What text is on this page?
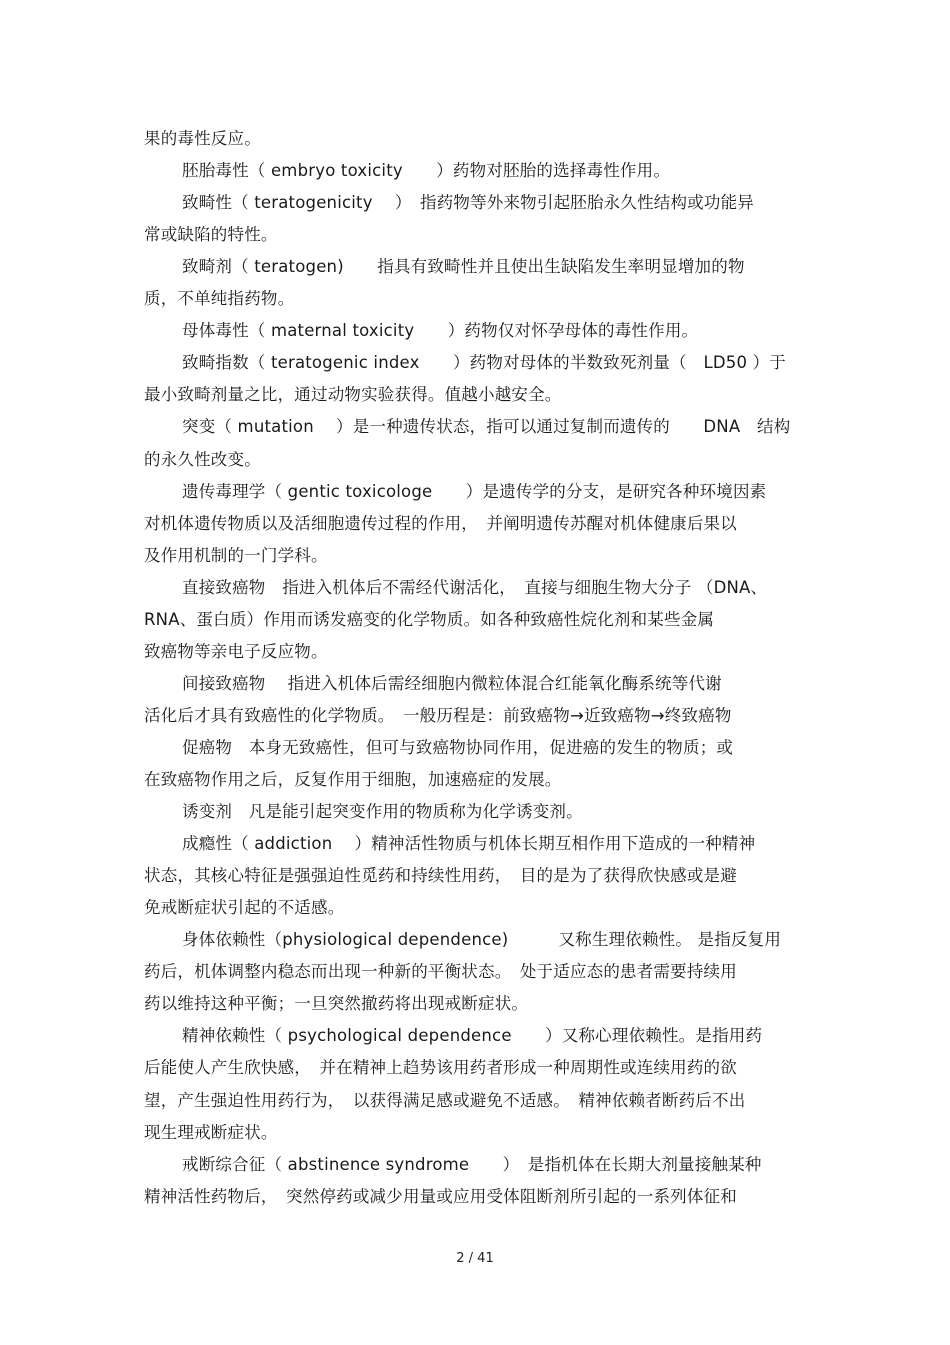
果的毒性反应。
胚胎毒性（ embryo toxicity　　）药物对胚胎的选择毒性作用。
致畸性（ teratogenicity　 ）　指药物等外来物引起胚胎永久性结构或功能异
常或缺陷的特性。
致畸剂（ teratogen)　　指具有致畸性并且使出生缺陷发生率明显增加的物
质，不单纯指药物。
母体毒性（ maternal toxicity　　）药物仅对怀孕母体的毒性作用。
致畸指数（ teratogenic index　　）药物对母体的半数致死剂量（　LD50 ）于
最小致畸剂量之比，通过动物实验获得。值越小越安全。
突变（ mutation　 ）是一种遗传状态，指可以通过复制而遗传的　　DNA　结构
的永久性改变。
遗传毒理学（ gentic toxicologe　　）是遗传学的分支，是研究各种环境因素
对机体遗传物质以及活细胞遗传过程的作用，　并阐明遗传苏醒对机体健康后果以
及作用机制的一门学科。
直接致癌物　指进入机体后不需经代谢活化，　直接与细胞生物大分子 （DNA、
RNA、蛋白质）作用而诱发癌变的化学物质。如各种致癌性烷化剂和某些金属
致癌物等亲电子反应物。
间接致癌物　 指进入机体后需经细胞内微粒体混合红能氧化酶系统等代谢
活化后才具有致癌性的化学物质。　一般历程是：前致癌物→近致癌物→终致癌物
促癌物　本身无致癌性，但可与致癌物协同作用，促进癌的发生的物质；或
在致癌物作用之后，反复作用于细胞，加速癌症的发展。
诱变剂　凡是能引起突变作用的物质称为化学诱变剂。
成瘾性（ addiction　 ）精神活性物质与机体长期互相作用下造成的一种精神
状态，其核心特征是强强迫性觅药和持续性用药，　目的是为了获得欣快感或是避
免戒断症状引起的不适感。
身体依赖性（physiological dependence)　　　又称生理依赖性。 是指反复用
药后，机体调整内稳态而出现一种新的平衡状态。　处于适应态的患者需要持续用
药以维持这种平衡；一旦突然撤药将出现戒断症状。
精神依赖性（ psychological dependence　　）又称心理依赖性。是指用药
后能使人产生欣快感，　并在精神上趋势该用药者形成一种周期性或连续用药的欲
望，产生强迫性用药行为，　以获得满足感或避免不适感。　精神依赖者断药后不出
现生理戒断症状。
戒断综合征（ abstinence syndrome　　）　是指机体在长期大剂量接触某种
精神活性药物后，　突然停药或减少用量或应用受体阻断剂所引起的一系列体征和
2 / 41
